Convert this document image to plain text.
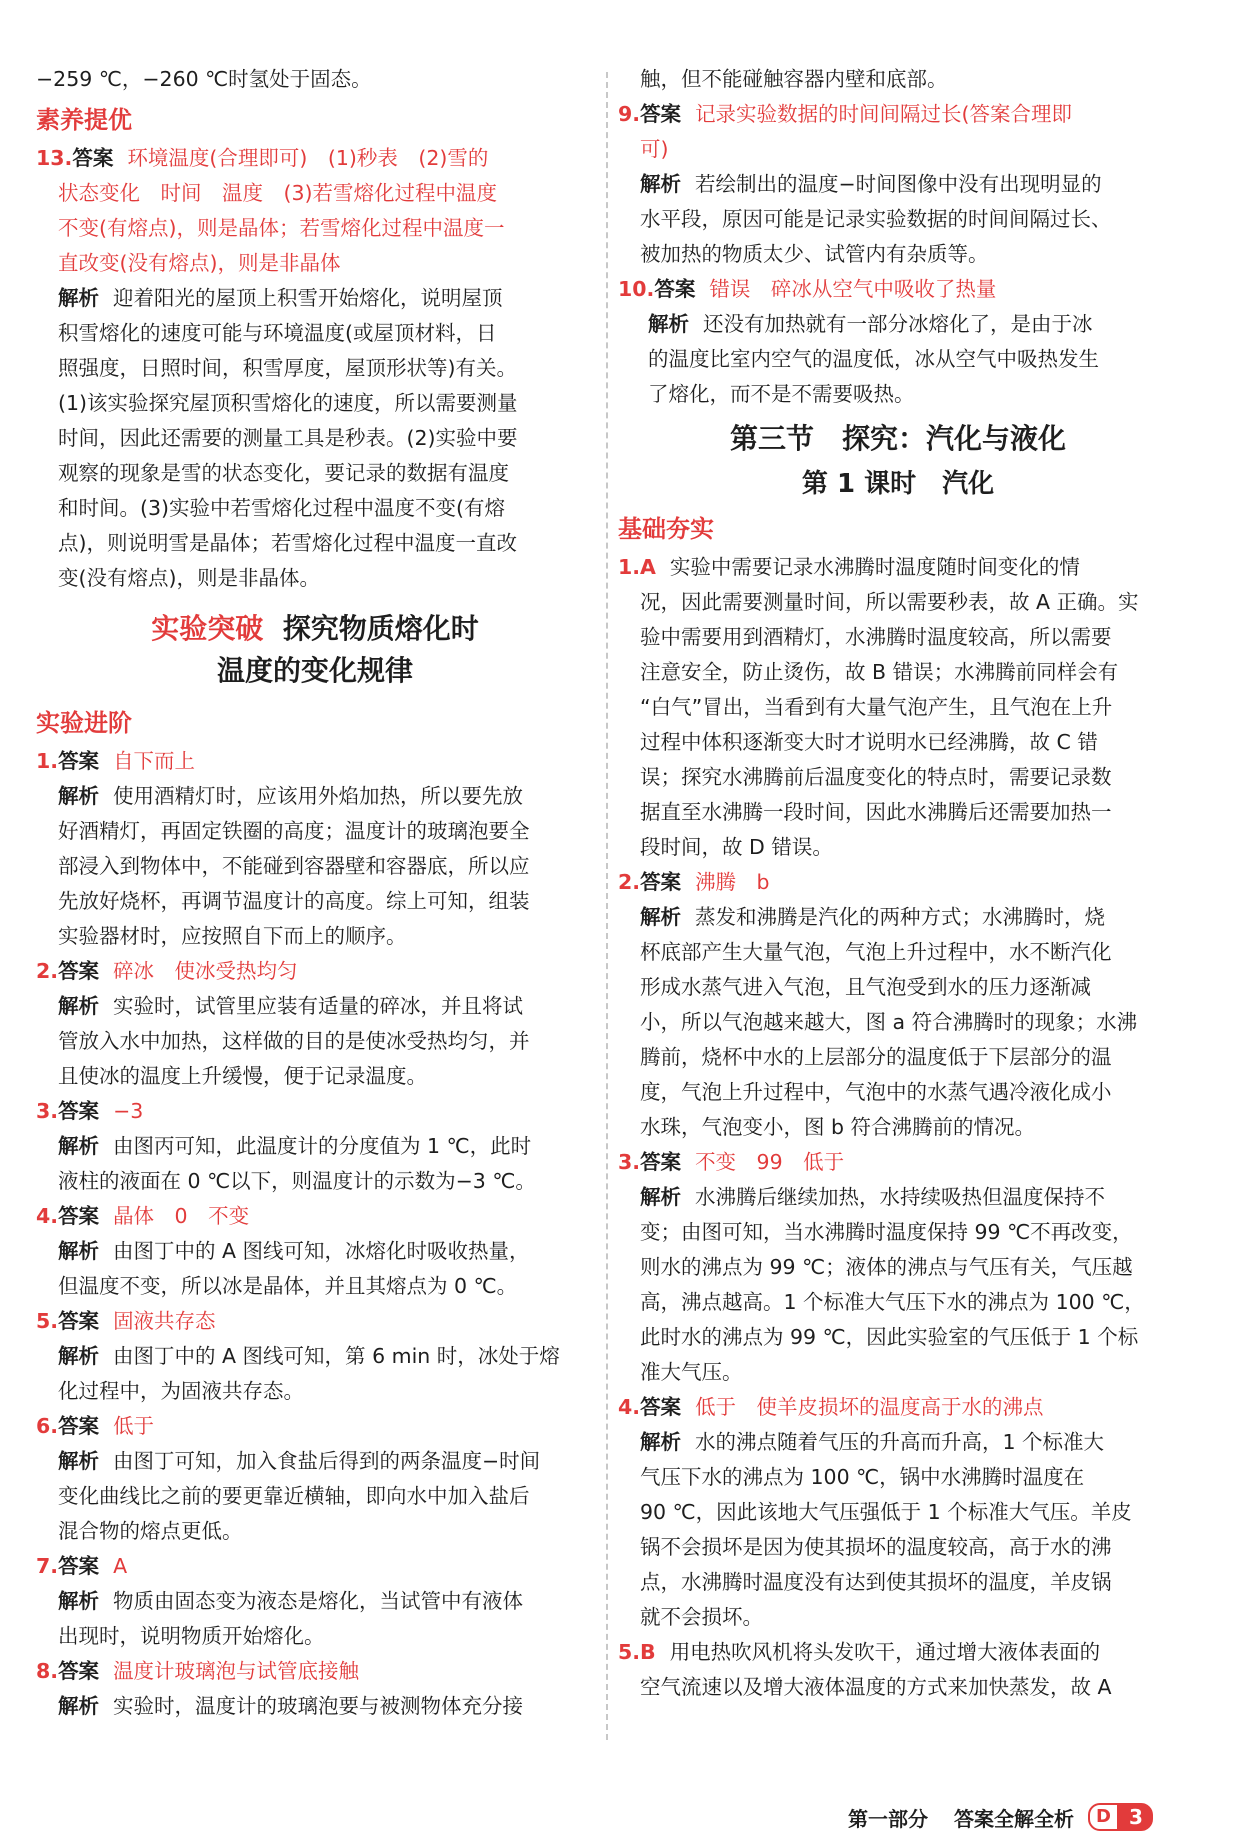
−259 ℃，−260 ℃时氢处于固态。

素养提优

13.答案 环境温度(合理即可)　(1)秒表　(2)雪的

状态变化　时间　温度　(3)若雪熔化过程中温度

不变(有熔点)，则是晶体；若雪熔化过程中温度一

直改变(没有熔点)，则是非晶体

解析 迎着阳光的屋顶上积雪开始熔化，说明屋顶

积雪熔化的速度可能与环境温度(或屋顶材料，日

照强度，日照时间，积雪厚度，屋顶形状等)有关。

(1)该实验探究屋顶积雪熔化的速度，所以需要测量

时间，因此还需要的测量工具是秒表。(2)实验中要

观察的现象是雪的状态变化，要记录的数据有温度

和时间。(3)实验中若雪熔化过程中温度不变(有熔

点)，则说明雪是晶体；若雪熔化过程中温度一直改

变(没有熔点)，则是非晶体。

实验突破 探究物质熔化时
温度的变化规律
实验进阶

1.答案 自下而上

解析 使用酒精灯时，应该用外焰加热，所以要先放

好酒精灯，再固定铁圈的高度；温度计的玻璃泡要全

部浸入到物体中，不能碰到容器壁和容器底，所以应

先放好烧杯，再调节温度计的高度。综上可知，组装

实验器材时，应按照自下而上的顺序。

2.答案 碎冰　使冰受热均匀

解析 实验时，试管里应装有适量的碎冰，并且将试

管放入水中加热，这样做的目的是使冰受热均匀，并

且使冰的温度上升缓慢，便于记录温度。

3.答案 −3

解析 由图丙可知，此温度计的分度值为 1 ℃，此时

液柱的液面在 0 ℃以下，则温度计的示数为−3 ℃。

4.答案 晶体　0　不变

解析 由图丁中的 A 图线可知，冰熔化时吸收热量，

但温度不变，所以冰是晶体，并且其熔点为 0 ℃。

5.答案 固液共存态

解析 由图丁中的 A 图线可知，第 6 min 时，冰处于熔

化过程中，为固液共存态。

6.答案 低于

解析 由图丁可知，加入食盐后得到的两条温度−时间

变化曲线比之前的要更靠近横轴，即向水中加入盐后

混合物的熔点更低。

7.答案 A

解析 物质由固态变为液态是熔化，当试管中有液体

出现时，说明物质开始熔化。

8.答案 温度计玻璃泡与试管底接触

解析 实验时，温度计的玻璃泡要与被测物体充分接

触，但不能碰触容器内壁和底部。

9.答案 记录实验数据的时间间隔过长(答案合理即

可)

解析 若绘制出的温度−时间图像中没有出现明显的

水平段，原因可能是记录实验数据的时间间隔过长、

被加热的物质太少、试管内有杂质等。

10.答案 错误　碎冰从空气中吸收了热量

解析 还没有加热就有一部分冰熔化了，是由于冰

的温度比室内空气的温度低，冰从空气中吸热发生

了熔化，而不是不需要吸热。

第三节　探究：汽化与液化
第 1 课时　汽化
基础夯实

1.A 实验中需要记录水沸腾时温度随时间变化的情

况，因此需要测量时间，所以需要秒表，故 A 正确。实

验中需要用到酒精灯，水沸腾时温度较高，所以需要

注意安全，防止烫伤，故 B 错误；水沸腾前同样会有

“白气”冒出，当看到有大量气泡产生，且气泡在上升

过程中体积逐渐变大时才说明水已经沸腾，故 C 错

误；探究水沸腾前后温度变化的特点时，需要记录数

据直至水沸腾一段时间，因此水沸腾后还需要加热一

段时间，故 D 错误。

2.答案 沸腾　b

解析 蒸发和沸腾是汽化的两种方式；水沸腾时，烧

杯底部产生大量气泡，气泡上升过程中，水不断汽化

形成水蒸气进入气泡，且气泡受到水的压力逐渐减

小，所以气泡越来越大，图 a 符合沸腾时的现象；水沸

腾前，烧杯中水的上层部分的温度低于下层部分的温

度，气泡上升过程中，气泡中的水蒸气遇冷液化成小

水珠，气泡变小，图 b 符合沸腾前的情况。

3.答案 不变　99　低于

解析 水沸腾后继续加热，水持续吸热但温度保持不

变；由图可知，当水沸腾时温度保持 99 ℃不再改变，

则水的沸点为 99 ℃；液体的沸点与气压有关，气压越

高，沸点越高。1 个标准大气压下水的沸点为 100 ℃，

此时水的沸点为 99 ℃，因此实验室的气压低于 1 个标

准大气压。

4.答案 低于　使羊皮损坏的温度高于水的沸点

解析 水的沸点随着气压的升高而升高，1 个标准大

气压下水的沸点为 100 ℃，锅中水沸腾时温度在

90 ℃，因此该地大气压强低于 1 个标准大气压。羊皮

锅不会损坏是因为使其损坏的温度较高，高于水的沸

点，水沸腾时温度没有达到使其损坏的温度，羊皮锅

就不会损坏。

5.B 用电热吹风机将头发吹干，通过增大液体表面的

空气流速以及增大液体温度的方式来加快蒸发，故 A

第一部分 答案全解全析	D 3
